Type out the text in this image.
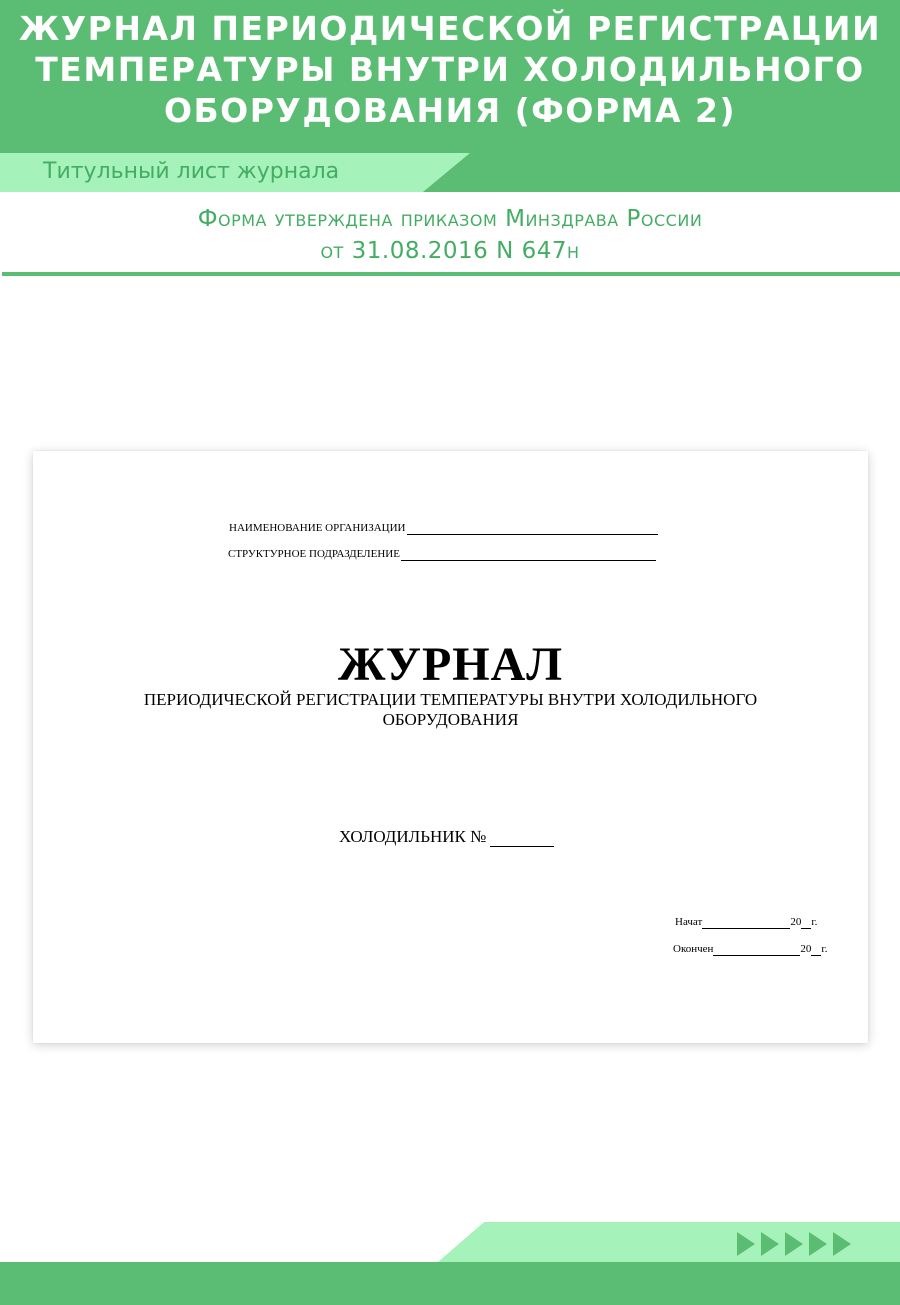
ЖУРНАЛ ПЕРИОДИЧЕСКОЙ РЕГИСТРАЦИИ
ТЕМПЕРАТУРЫ ВНУТРИ ХОЛОДИЛЬНОГО
ОБОРУДОВАНИЯ (ФОРМА 2)
Титульный лист журнала
Форма утверждена приказом Минздрава России
от 31.08.2016 N 647н
НАИМЕНОВАНИЕ ОРГАНИЗАЦИИ
СТРУКТУРНОЕ ПОДРАЗДЕЛЕНИЕ
ЖУРНАЛ
ПЕРИОДИЧЕСКОЙ РЕГИСТРАЦИИ ТЕМПЕРАТУРЫ ВНУТРИ ХОЛОДИЛЬНОГО
ОБОРУДОВАНИЯ
ХОЛОДИЛЬНИК №
Начат	20 г.
Окончен	20 г.
